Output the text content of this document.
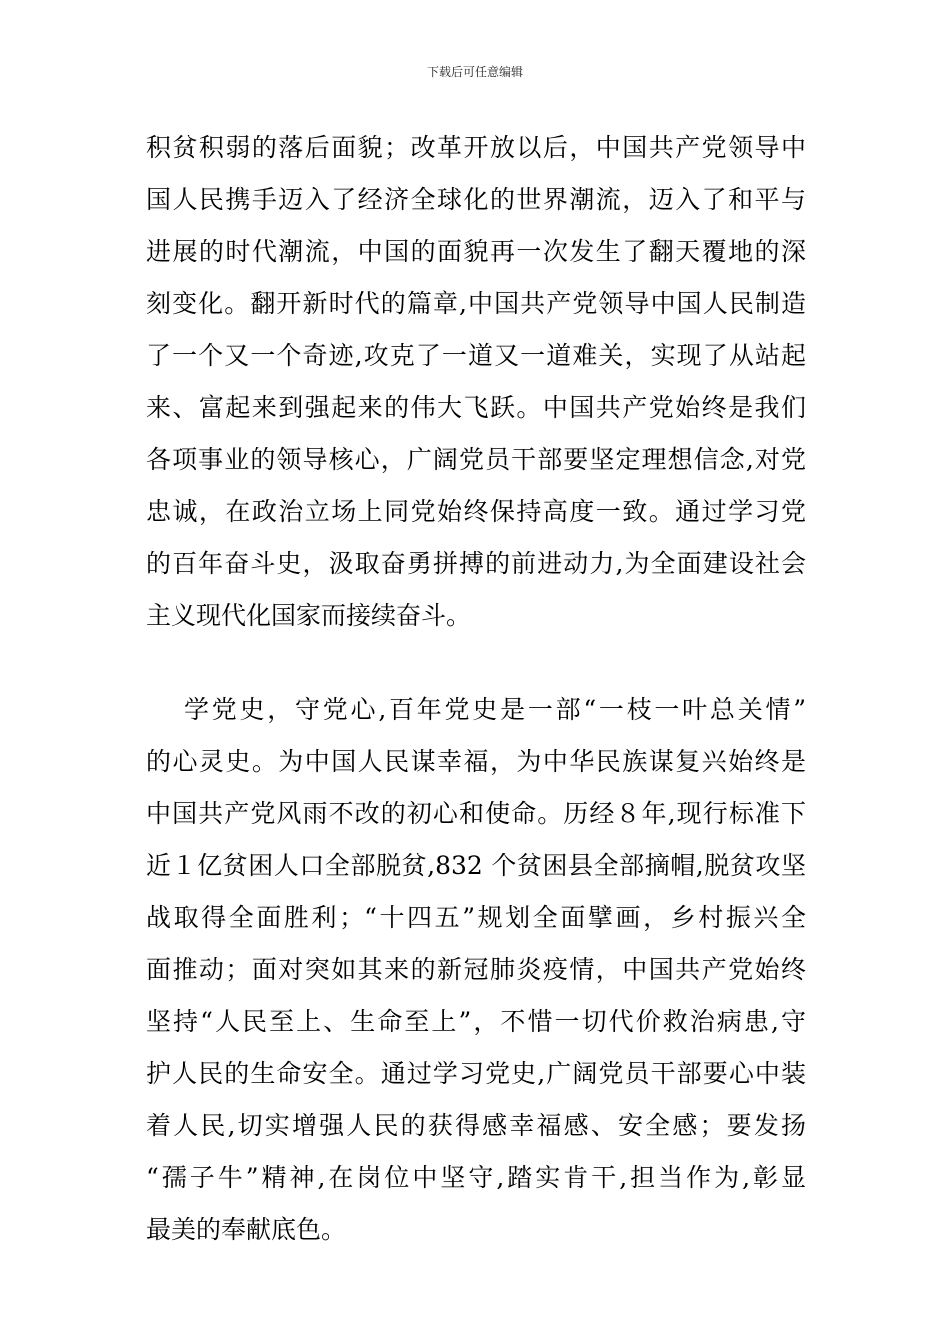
下载后可任意编辑
积贫积弱的落后面貌；改革开放以后，中国共产党领导中
国人民携手迈入了经济全球化的世界潮流，迈入了和平与
进展的时代潮流，中国的面貌再一次发生了翻天覆地的深
刻变化。翻开新时代的篇章,中国共产党领导中国人民制造
了一个又一个奇迹,攻克了一道又一道难关，实现了从站起
来、富起来到强起来的伟大飞跃。中国共产党始终是我们
各项事业的领导核心，广阔党员干部要坚定理想信念,对党
忠诚，在政治立场上同党始终保持高度一致。通过学习党
的百年奋斗史，汲取奋勇拼搏的前进动力,为全面建设社会
主义现代化国家而接续奋斗。
学党史，守党心,百年党史是一部“一枝一叶总关情”
的心灵史。为中国人民谋幸福，为中华民族谋复兴始终是
中国共产党风雨不改的初心和使命。历经８年,现行标准下
近１亿贫困人口全部脱贫,832 个贫困县全部摘帽,脱贫攻坚
战取得全面胜利；“十四五”规划全面擘画，乡村振兴全
面推动；面对突如其来的新冠肺炎疫情，中国共产党始终
坚持“人民至上、生命至上”，不惜一切代价救治病患,守
护人民的生命安全。通过学习党史,广阔党员干部要心中装
着人民,切实增强人民的获得感幸福感、安全感；要发扬
“孺子牛”精神,在岗位中坚守,踏实肯干,担当作为,彰显
最美的奉献底色。
